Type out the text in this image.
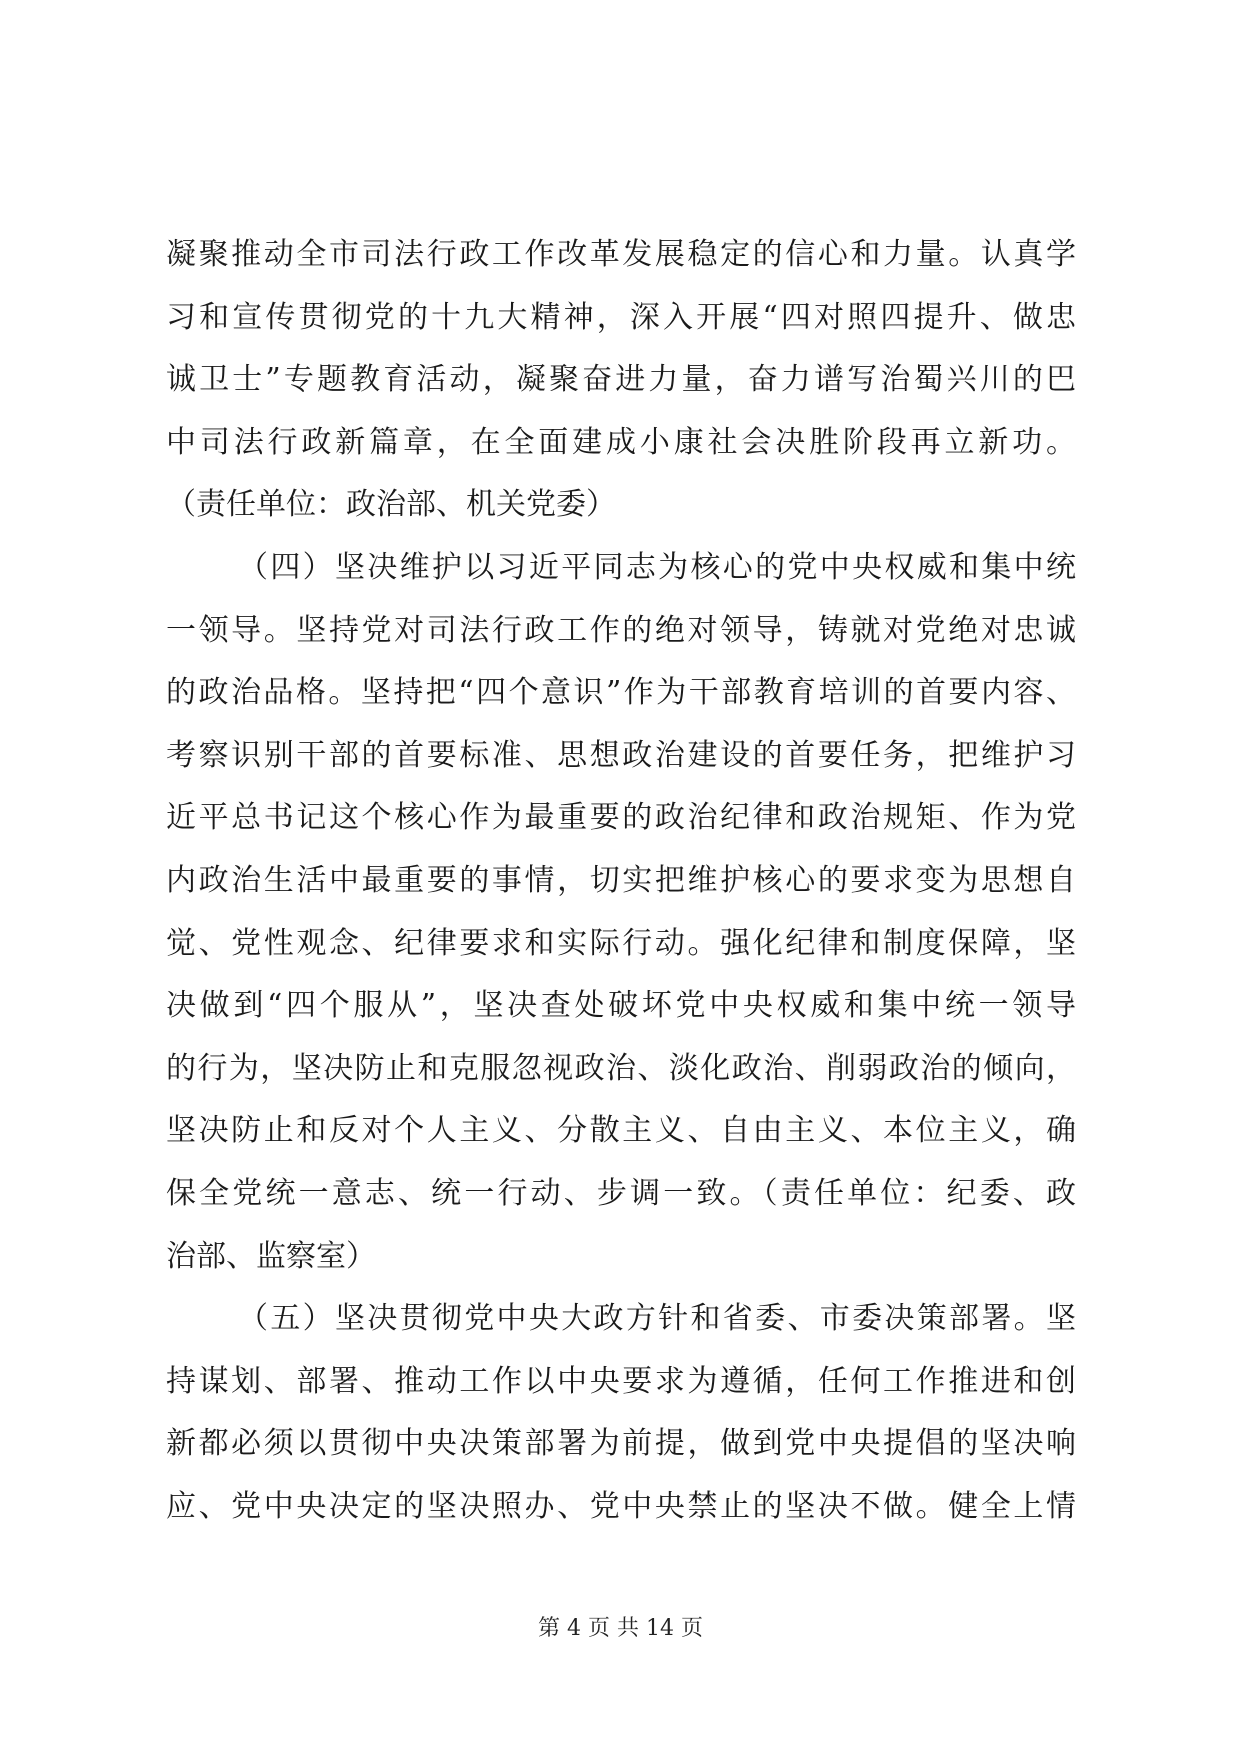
凝聚推动全市司法行政工作改革发展稳定的信心和力量。认真学
习和宣传贯彻党的十九大精神，深入开展“四对照四提升、做忠
诚卫士”专题教育活动，凝聚奋进力量，奋力谱写治蜀兴川的巴
中司法行政新篇章，在全面建成小康社会决胜阶段再立新功。
（责任单位：政治部、机关党委）
（四）坚决维护以习近平同志为核心的党中央权威和集中统
一领导。坚持党对司法行政工作的绝对领导，铸就对党绝对忠诚
的政治品格。坚持把“四个意识”作为干部教育培训的首要内容、
考察识别干部的首要标准、思想政治建设的首要任务，把维护习
近平总书记这个核心作为最重要的政治纪律和政治规矩、作为党
内政治生活中最重要的事情，切实把维护核心的要求变为思想自
觉、党性观念、纪律要求和实际行动。强化纪律和制度保障，坚
决做到“四个服从”，坚决查处破坏党中央权威和集中统一领导
的行为，坚决防止和克服忽视政治、淡化政治、削弱政治的倾向，
坚决防止和反对个人主义、分散主义、自由主义、本位主义，确
保全党统一意志、统一行动、步调一致。（责任单位：纪委、政
治部、监察室）
（五）坚决贯彻党中央大政方针和省委、市委决策部署。坚
持谋划、部署、推动工作以中央要求为遵循，任何工作推进和创
新都必须以贯彻中央决策部署为前提，做到党中央提倡的坚决响
应、党中央决定的坚决照办、党中央禁止的坚决不做。健全上情
第 4 页 共 14 页
